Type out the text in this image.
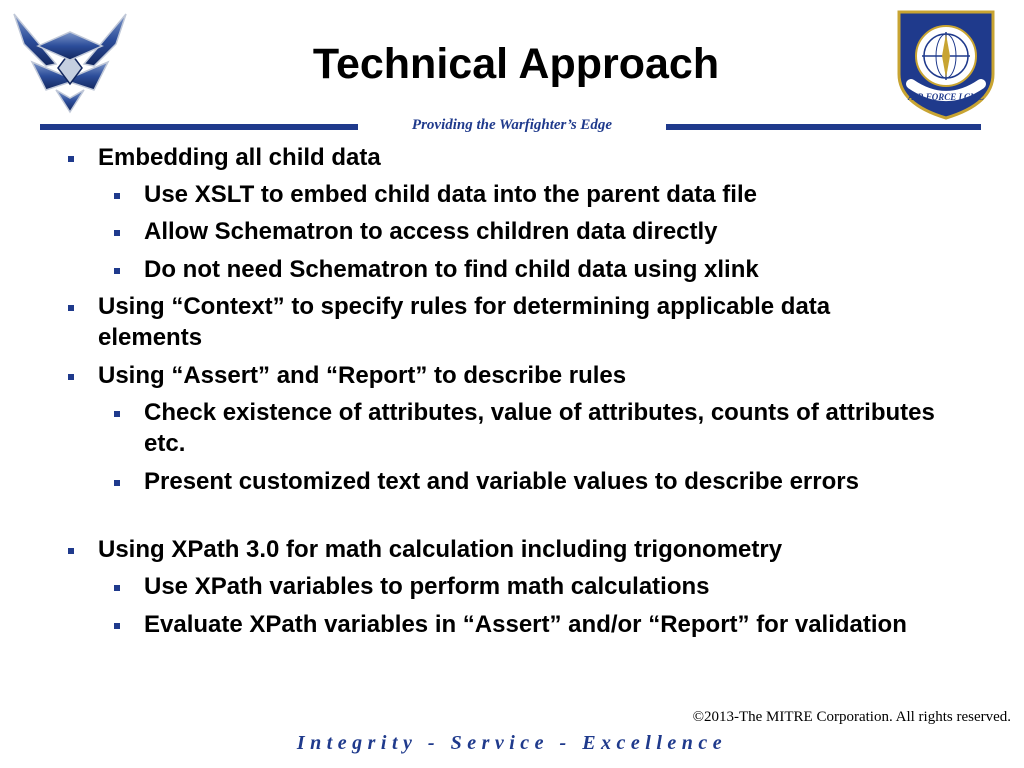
AIR FORCE LCMC
Technical Approach
Providing the Warfighter’s Edge
Embedding all child data
Use XSLT to embed child data into the parent data file
Allow Schematron to access children data directly
Do not need Schematron to find child data using xlink
Using “Context” to specify rules for determining applicable data elements
Using “Assert” and “Report” to describe rules
Check existence of attributes, value of attributes, counts of attributes etc.
Present customized text and variable values to describe errors
Using XPath 3.0 for math calculation including trigonometry
Use XPath variables to perform math calculations
Evaluate XPath variables in “Assert” and/or “Report” for validation
©2013-The MITRE Corporation. All rights reserved.
Integrity - Service - Excellence
